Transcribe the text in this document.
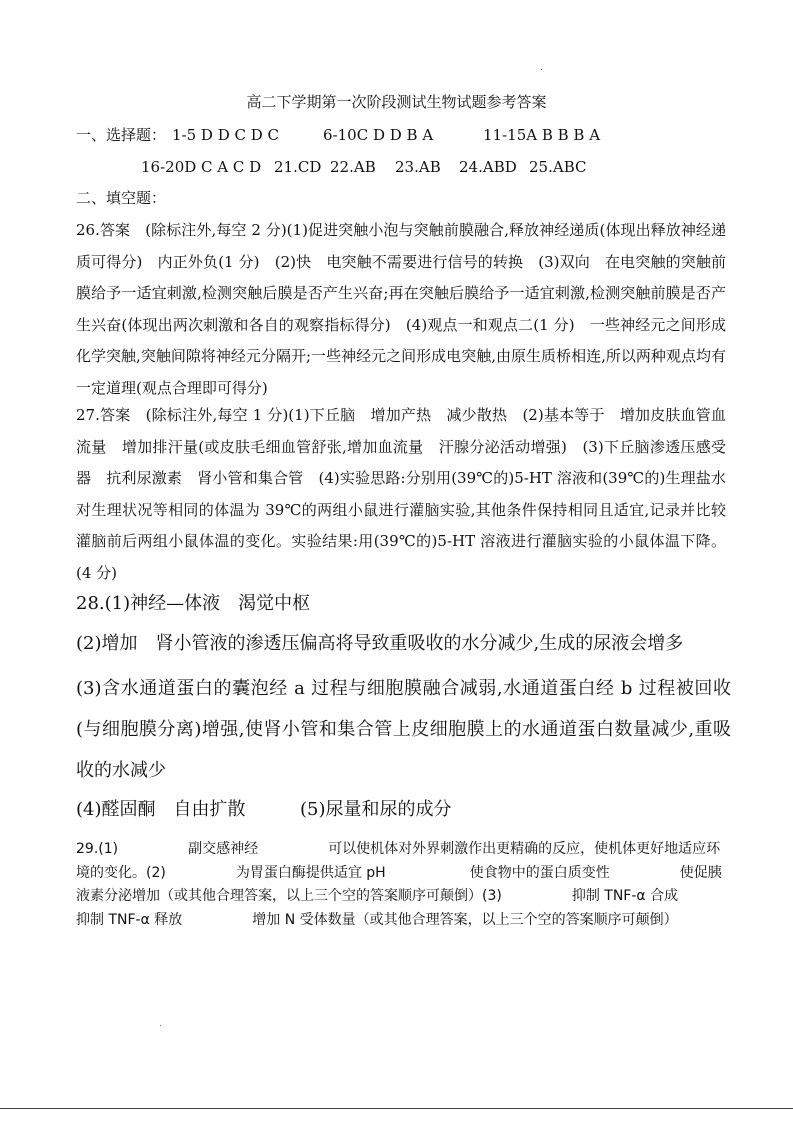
高二下学期第一次阶段测试生物试题参考答案
一、选择题： 1-5 D D C D C	6-10C D D B A	11-15A B B B A
16-20D C A C D 21.CD 22.AB 23.AB 24.ABD 25.ABC
二、填空题：
26.答案　(除标注外,每空 2 分)(1)促进突触小泡与突触前膜融合,释放神经递质(体现出释放神经递质可得分)　内正外负(1 分)　(2)快　电突触不需要进行信号的转换　(3)双向　在电突触的突触前膜给予一适宜刺激,检测突触后膜是否产生兴奋;再在突触后膜给予一适宜刺激,检测突触前膜是否产生兴奋(体现出两次刺激和各自的观察指标得分)　(4)观点一和观点二(1 分)　一些神经元之间形成化学突触,突触间隙将神经元分隔开;一些神经元之间形成电突触,由原生质桥相连,所以两种观点均有一定道理(观点合理即可得分)
27.答案　(除标注外,每空 1 分)(1)下丘脑　增加产热　减少散热　(2)基本等于　增加皮肤血管血流量　增加排汗量(或皮肤毛细血管舒张,增加血流量　汗腺分泌活动增强)　(3)下丘脑渗透压感受器　抗利尿激素　肾小管和集合管　(4)实验思路:分别用(39℃的)5-HT 溶液和(39℃的)生理盐水对生理状况等相同的体温为 39℃的两组小鼠进行灌脑实验,其他条件保持相同且适宜,记录并比较灌脑前后两组小鼠体温的变化。实验结果:用(39℃的)5-HT 溶液进行灌脑实验的小鼠体温下降。(4 分)
28.(1)神经—体液　渴觉中枢
(2)增加　肾小管液的渗透压偏高将导致重吸收的水分减少,生成的尿液会增多
(3)含水通道蛋白的囊泡经 a 过程与细胞膜融合减弱,水通道蛋白经 b 过程被回收(与细胞膜分离)增强,使肾小管和集合管上皮细胞膜上的水通道蛋白数量减少,重吸收的水减少
(4)醛固酮　自由扩散	(5)尿量和尿的成分
29.(1)　　　　　副交感神经　　　　　可以使机体对外界刺激作出更精确的反应，使机体更好地适应环境的变化。(2)　　　　　为胃蛋白酶提供适宜 pH　　　　　　使食物中的蛋白质变性　　　　　使促胰液素分泌增加（或其他合理答案，以上三个空的答案顺序可颠倒）(3)　　　　　抑制 TNF-α 合成　　　　　抑制 TNF-α 释放　　　　　增加 N 受体数量（或其他合理答案，以上三个空的答案顺序可颠倒）
